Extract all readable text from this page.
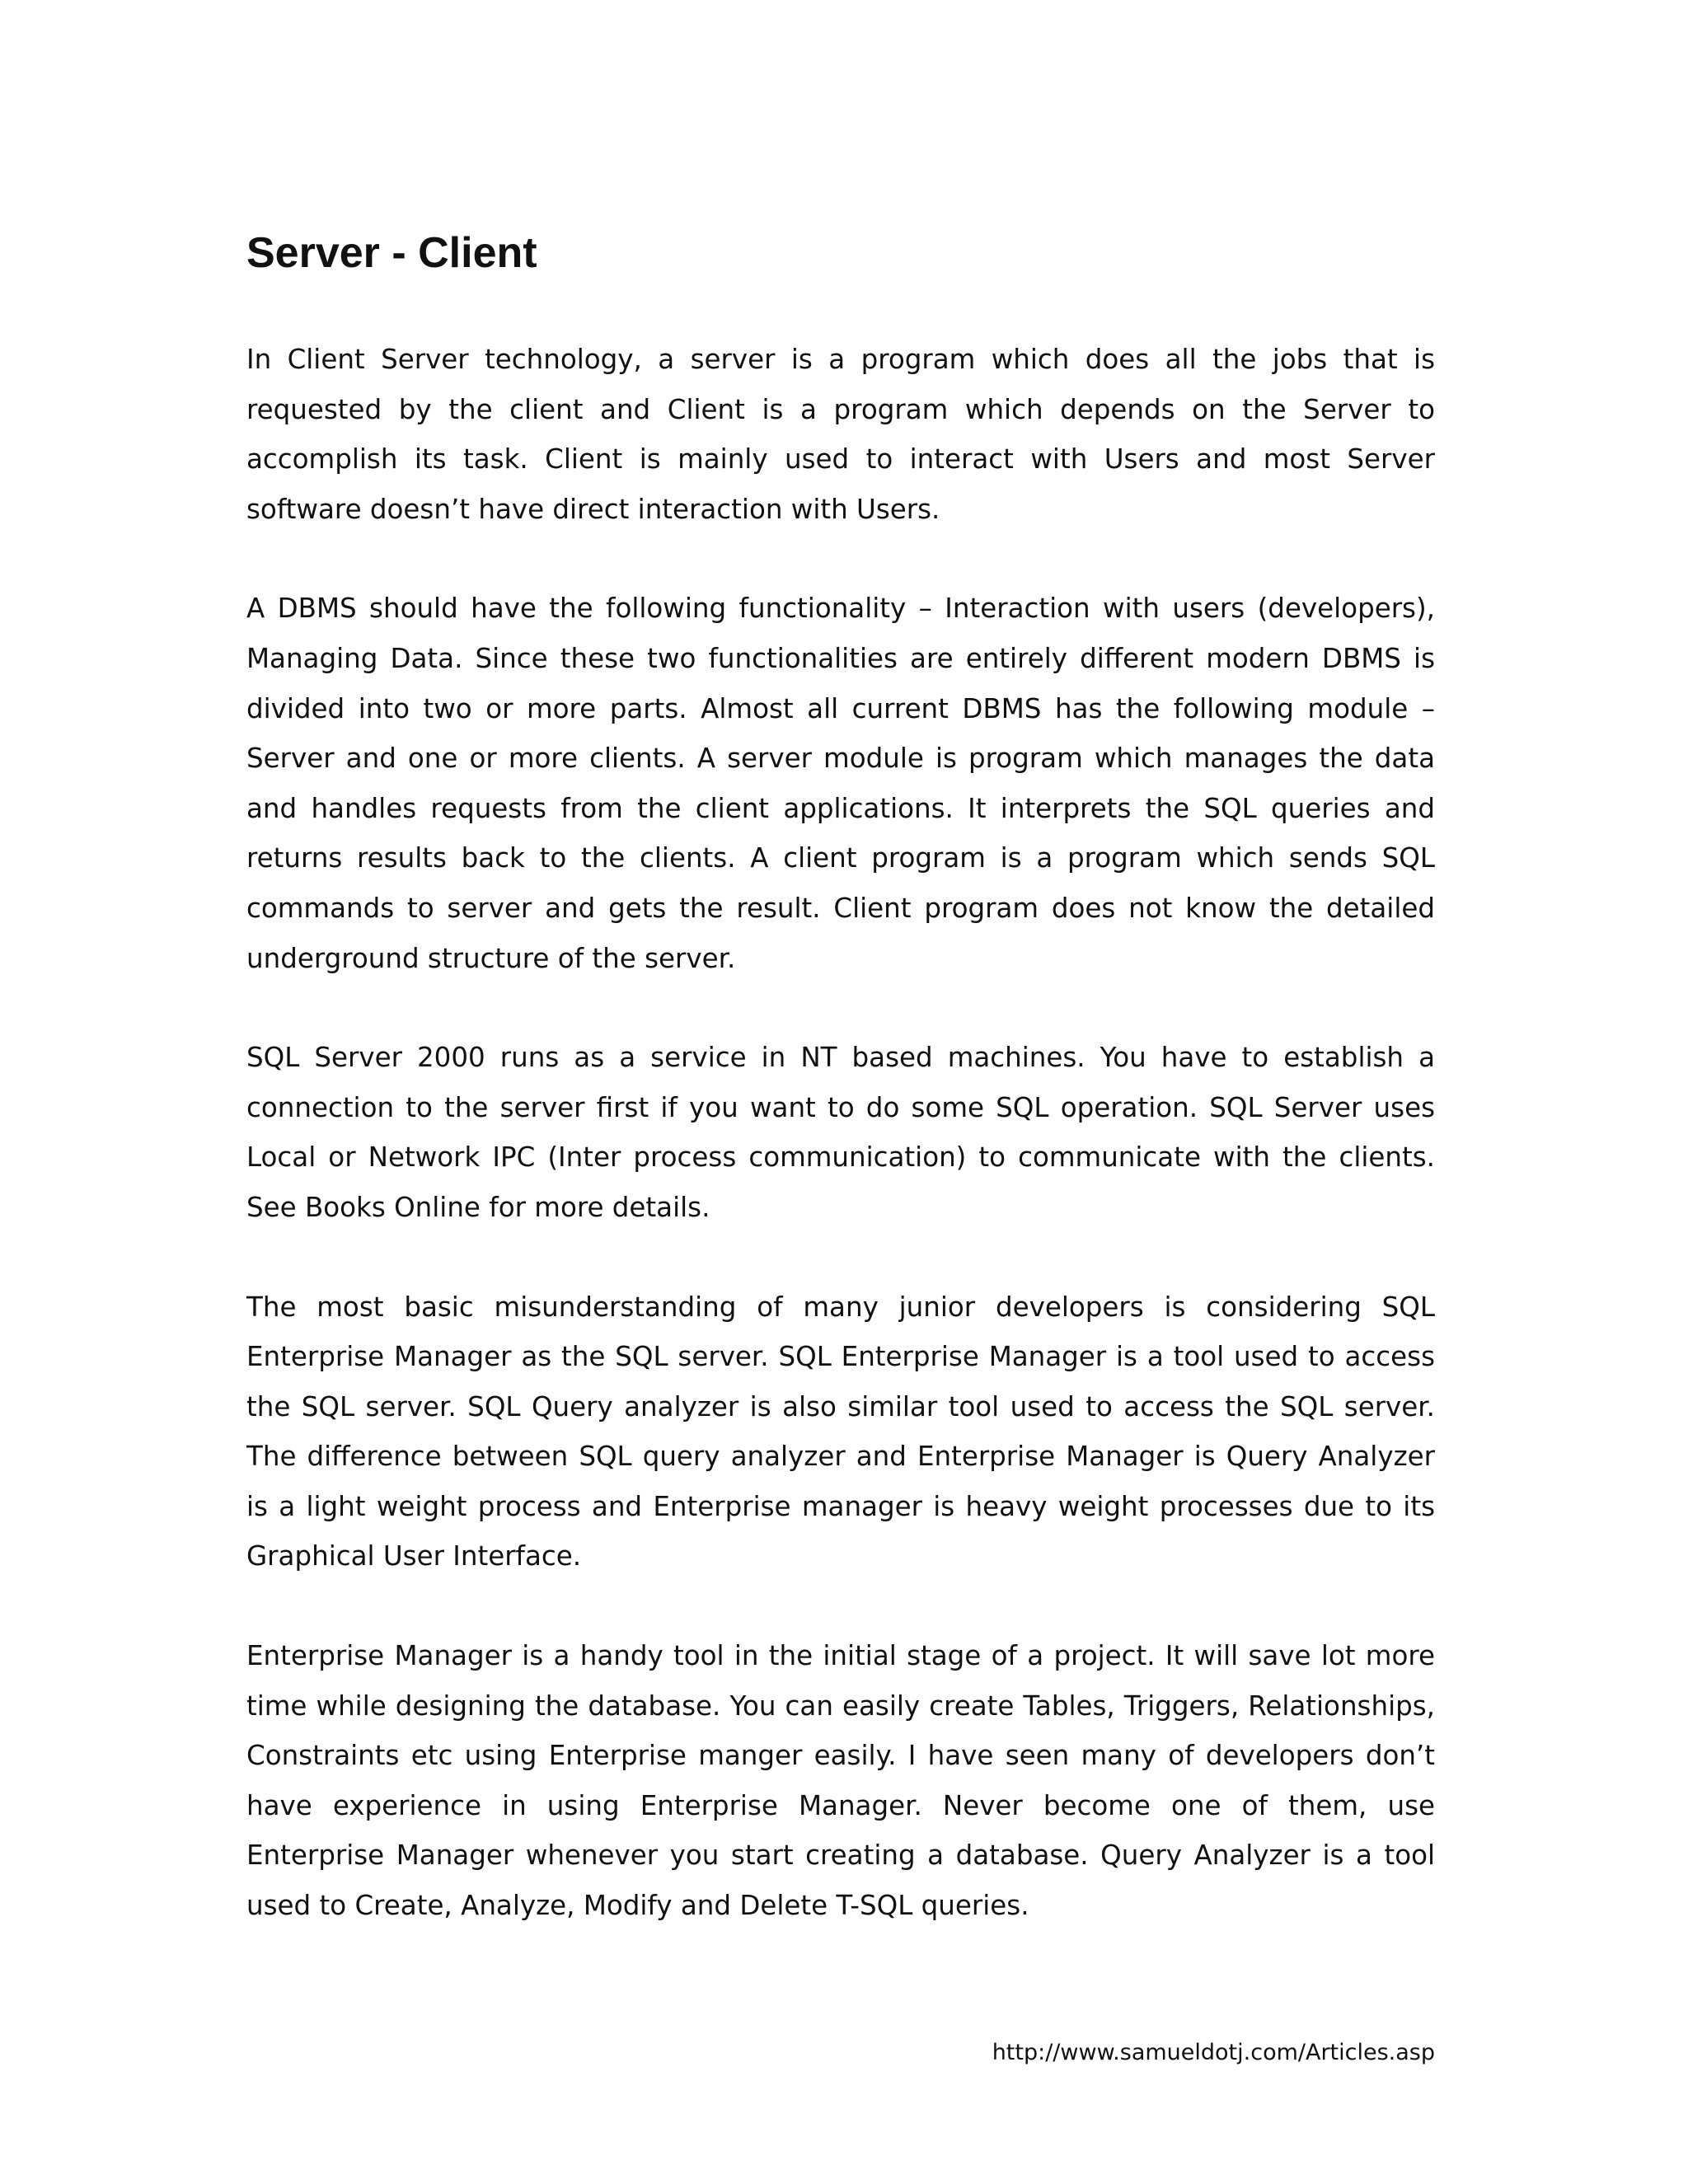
Server - Client

In Client Server technology, a server is a program which does all the jobs that is requested by the client and Client is a program which depends on the Server to accomplish its task. Client is mainly used to interact with Users and most Server software doesn’t have direct interaction with Users.

A DBMS should have the following functionality – Interaction with users (developers), Managing Data. Since these two functionalities are entirely different modern DBMS is divided into two or more parts. Almost all current DBMS has the following module – Server and one or more clients. A server module is program which manages the data and handles requests from the client applications. It interprets the SQL queries and returns results back to the clients. A client program is a program which sends SQL commands to server and gets the result. Client program does not know the detailed underground structure of the server.

SQL Server 2000 runs as a service in NT based machines. You have to establish a connection to the server first if you want to do some SQL operation. SQL Server uses Local or Network IPC (Inter process communication) to communicate with the clients. See Books Online for more details.

The most basic misunderstanding of many junior developers is considering SQL Enterprise Manager as the SQL server. SQL Enterprise Manager is a tool used to access the SQL server. SQL Query analyzer is also similar tool used to access the SQL server. The difference between SQL query analyzer and Enterprise Manager is Query Analyzer is a light weight process and Enterprise manager is heavy weight processes due to its Graphical User Interface.

Enterprise Manager is a handy tool in the initial stage of a project. It will save lot more time while designing the database. You can easily create Tables, Triggers, Relationships, Constraints etc using Enterprise manger easily. I have seen many of developers don’t have experience in using Enterprise Manager. Never become one of them, use Enterprise Manager whenever you start creating a database. Query Analyzer is a tool used to Create, Analyze, Modify and Delete T-SQL queries.

http://www.samueldotj.com/Articles.asp
